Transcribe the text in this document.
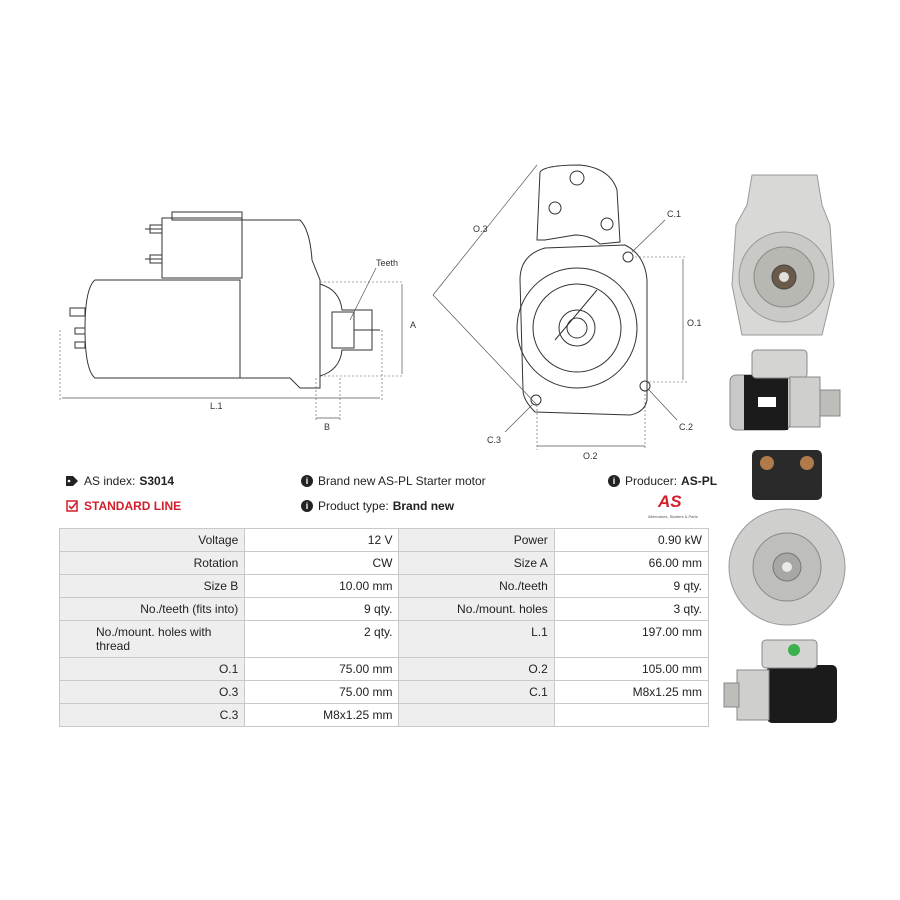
Teeth
A
L.1
B
O.3
C.1
O.1
C.2
C.3
O.2
AS index: S3014
STANDARD LINE
i Brand new AS-PL Starter motor
i Product type: Brand new
i Producer: AS-PL
AS
Alternators, Starters & Parts
Voltage	12 V	Power	0.90 kW
Rotation	CW	Size A	66.00 mm
Size B	10.00 mm	No./teeth	9 qty.
No./teeth (fits into)	9 qty.	No./mount. holes	3 qty.
No./mount. holes with thread	2 qty.	L.1	197.00 mm
O.1	75.00 mm	O.2	105.00 mm
O.3	75.00 mm	C.1	M8x1.25 mm
C.3	M8x1.25 mm		
